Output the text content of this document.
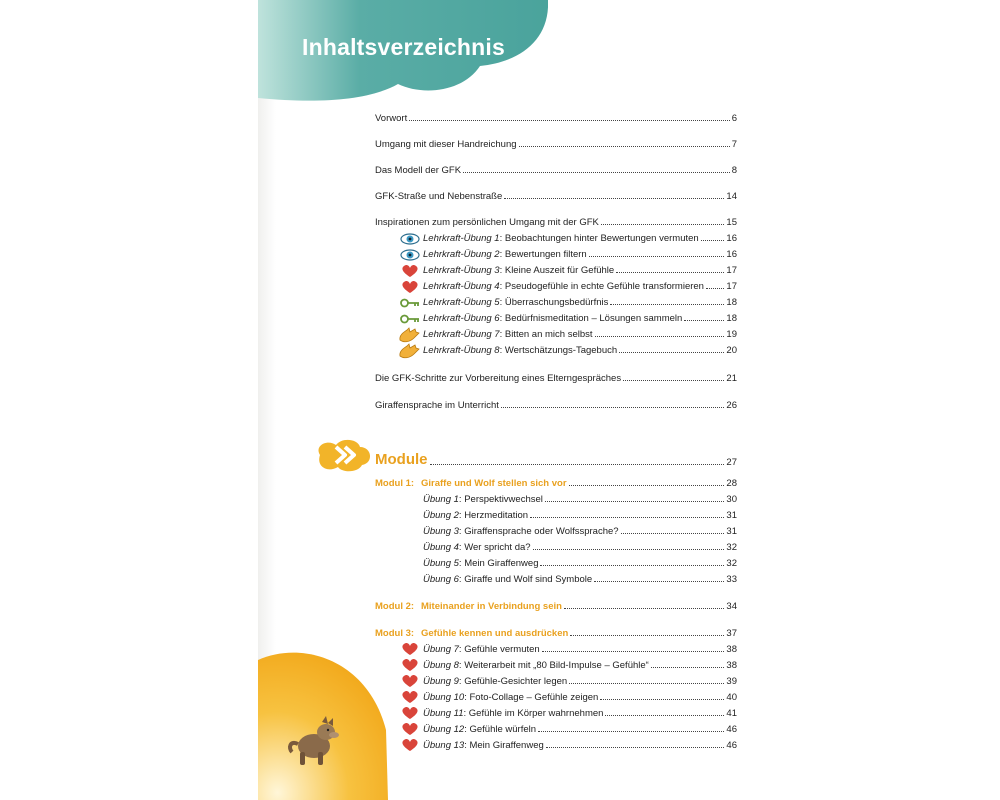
Inhaltsverzeichnis
Vorwort	6
Umgang mit dieser Handreichung	7
Das Modell der GFK	8
GFK-Straße und Nebenstraße	14
Inspirationen zum persönlichen Umgang mit der GFK	15
Lehrkraft-Übung 1: Beobachtungen hinter Bewertungen vermuten	16
Lehrkraft-Übung 2: Bewertungen filtern	16
Lehrkraft-Übung 3: Kleine Auszeit für Gefühle	17
Lehrkraft-Übung 4: Pseudogefühle in echte Gefühle transformieren 17
Lehrkraft-Übung 5: Überraschungsbedürfnis	18
Lehrkraft-Übung 6: Bedürfnismeditation – Lösungen sammeln	18
Lehrkraft-Übung 7: Bitten an mich selbst	19
Lehrkraft-Übung 8: Wertschätzungs-Tagebuch	20
Die GFK-Schritte zur Vorbereitung eines Elterngespräches	21
Giraffensprache im Unterricht	26
Module	27
Modul 1: Giraffe und Wolf stellen sich vor	28
Übung 1: Perspektivwechsel	30
Übung 2: Herzmeditation	31
Übung 3: Giraffensprache oder Wolfssprache?	31
Übung 4: Wer spricht da?	32
Übung 5: Mein Giraffenweg	32
Übung 6: Giraffe und Wolf sind Symbole	33
Modul 2: Miteinander in Verbindung sein	34
Modul 3: Gefühle kennen und ausdrücken	37
Übung 7: Gefühle vermuten	38
Übung 8: Weiterarbeit mit „80 Bild-Impulse – Gefühle“	38
Übung 9: Gefühle-Gesichter legen	39
Übung 10: Foto-Collage – Gefühle zeigen	40
Übung 11: Gefühle im Körper wahrnehmen	41
Übung 12: Gefühle würfeln	46
Übung 13: Mein Giraffenweg	46
